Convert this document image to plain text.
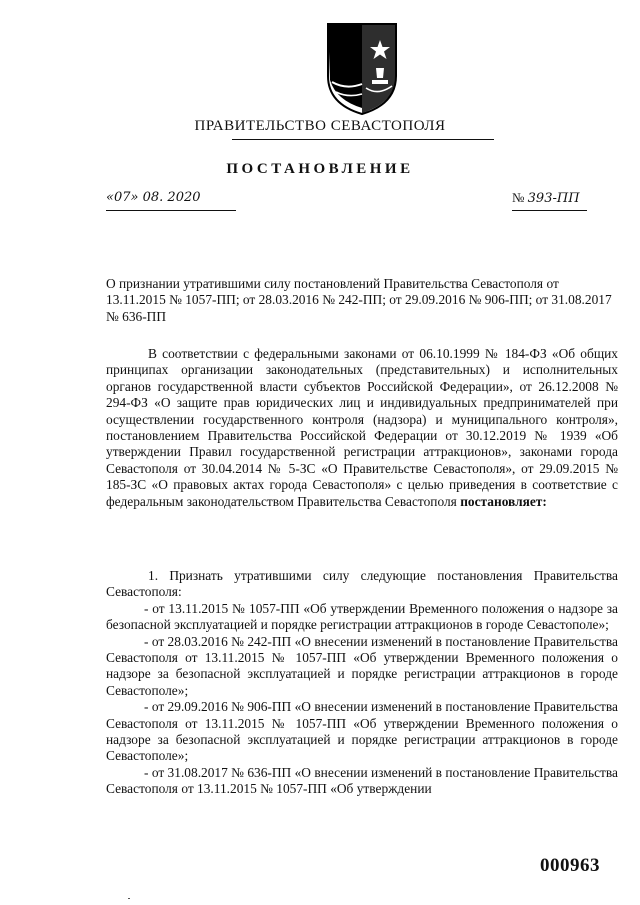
ПРАВИТЕЛЬСТВО СЕВАСТОПОЛЯ
ПОСТАНОВЛЕНИЕ
«07» 08. 2020	№ 393-ПП
О признании утратившими силу постановлений Правительства Севастополя от 13.11.2015 № 1057-ПП; от 28.03.2016 № 242-ПП; от 29.09.2016 № 906-ПП; от 31.08.2017 № 636-ПП

В соответствии с федеральными законами от 06.10.1999 № 184-ФЗ «Об общих принципах организации законодательных (представительных) и исполнительных органов государственной власти субъектов Российской Федерации», от 26.12.2008 № 294-ФЗ «О защите прав юридических лиц и индивидуальных предпринимателей при осуществлении государственного контроля (надзора) и муниципального контроля», постановлением Правительства Российской Федерации от 30.12.2019 № 1939 «Об утверждении Правил государственной регистрации аттракционов», законами города Севастополя от 30.04.2014 № 5-ЗС «О Правительстве Севастополя», от 29.09.2015 № 185-ЗС «О правовых актах города Севастополя» с целью приведения в соответствие с федеральным законодательством Правительства Севастополя постановляет:

1. Признать утратившими силу следующие постановления Правительства Севастополя:

- от 13.11.2015 № 1057-ПП «Об утверждении Временного положения о надзоре за безопасной эксплуатацией и порядке регистрации аттракционов в городе Севастополе»;

- от 28.03.2016 № 242-ПП «О внесении изменений в постановление Правительства Севастополя от 13.11.2015 № 1057-ПП «Об утверждении Временного положения о надзоре за безопасной эксплуатацией и порядке регистрации аттракционов в городе Севастополе»;

- от 29.09.2016 № 906-ПП «О внесении изменений в постановление Правительства Севастополя от 13.11.2015 № 1057-ПП «Об утверждении Временного положения о надзоре за безопасной эксплуатацией и порядке регистрации аттракционов в городе Севастополе»;

- от 31.08.2017 № 636-ПП «О внесении изменений в постановление Правительства Севастополя от 13.11.2015 № 1057-ПП «Об утверждении

000963
